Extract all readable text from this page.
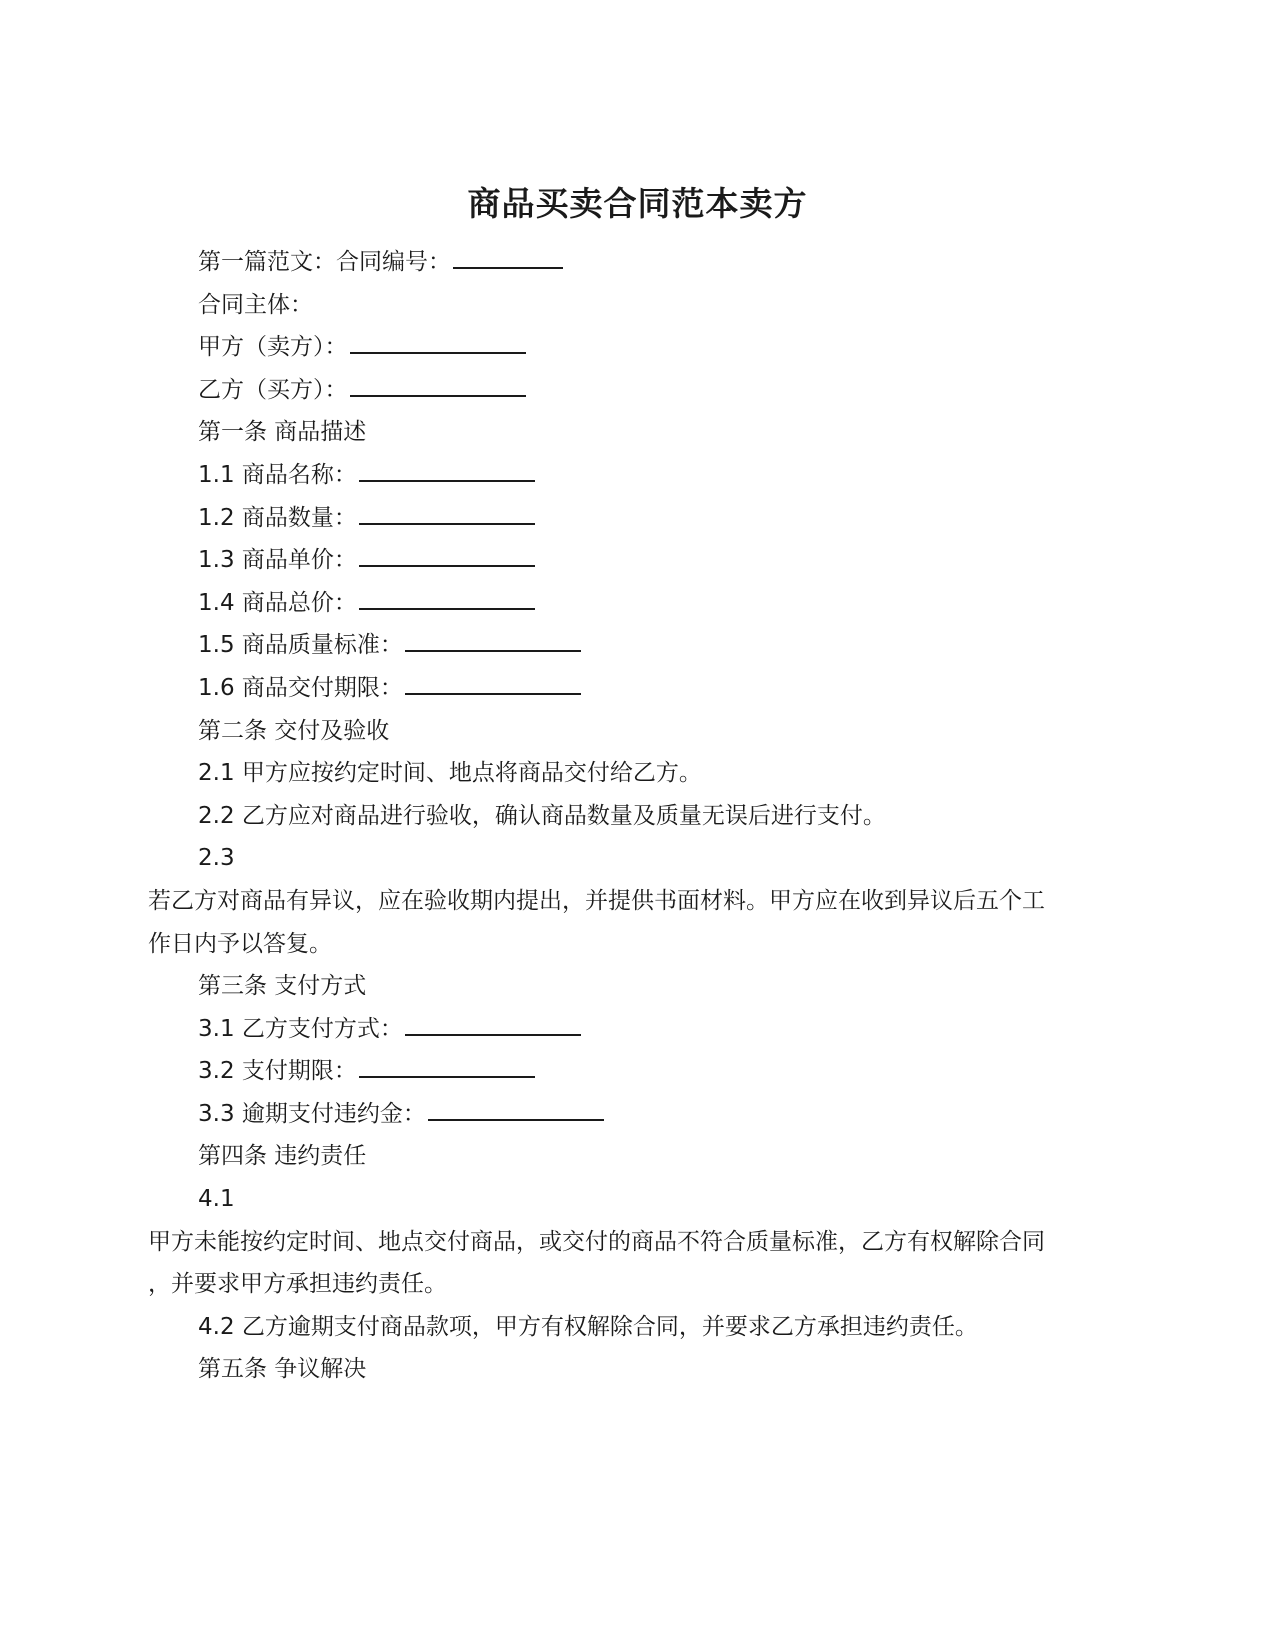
商品买卖合同范本卖方
第一篇范文：合同编号：
合同主体：
甲方（卖方）：
乙方（买方）：
第一条 商品描述
1.1 商品名称：
1.2 商品数量：
1.3 商品单价：
1.4 商品总价：
1.5 商品质量标准：
1.6 商品交付期限：
第二条 交付及验收
2.1 甲方应按约定时间、地点将商品交付给乙方。
2.2 乙方应对商品进行验收，确认商品数量及质量无误后进行支付。
2.3
若乙方对商品有异议，应在验收期内提出，并提供书面材料。甲方应在收到异议后五个工
作日内予以答复。
第三条 支付方式
3.1 乙方支付方式：
3.2 支付期限：
3.3 逾期支付违约金：
第四条 违约责任
4.1
甲方未能按约定时间、地点交付商品，或交付的商品不符合质量标准，乙方有权解除合同
，并要求甲方承担违约责任。
4.2 乙方逾期支付商品款项，甲方有权解除合同，并要求乙方承担违约责任。
第五条 争议解决
